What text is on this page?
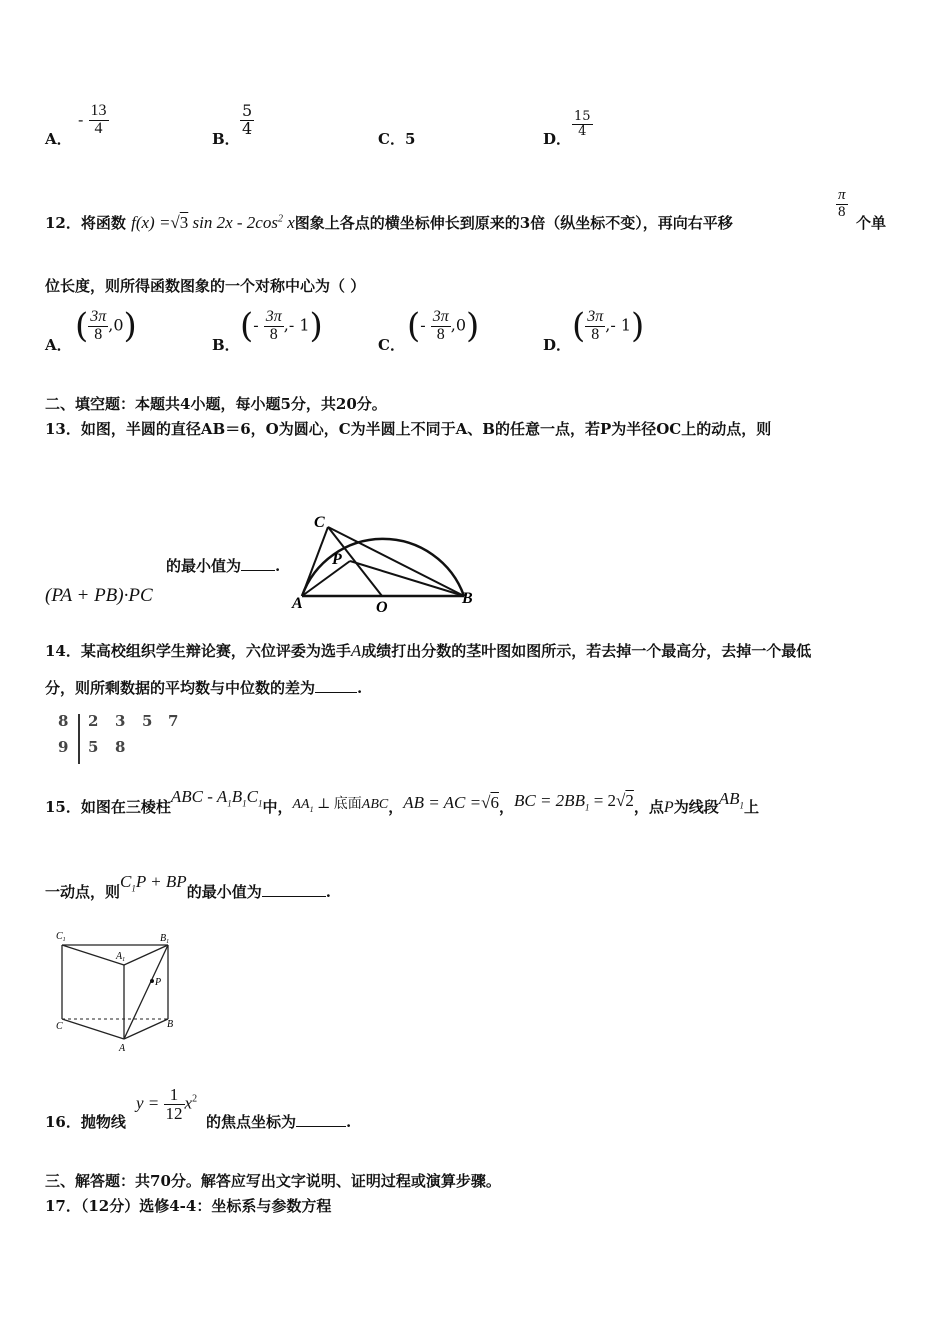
A．
- $\frac{13}{4}$
B．
$\frac{5}{4}$
C．5	D．
$\frac{15}{4}$
12．将函数 f(x) =√3 $\sin 2x - 2\cos^2$ x图象上各点的横坐标伸长到原来的3倍（纵坐标不变），再向右平移
$\frac{\pi}{8}$
个单
位长度，则所得函数图象的一个对称中心为（ ）
A． ( $\frac{3\pi}{8} ,0$)	B． (- $\frac{3\pi}{8}$ ,- 1)	C． (- $\frac{3\pi}{8} ,0$)	D． ( $\frac{3\pi}{8}$ ,- 1)
二、填空题：本题共4小题，每小题5分，共20分。
13．如图，半圆的直径AB＝6，O为圆心，C为半圆上不同于A、B的任意一点，若P为半径OC上的动点，则
的最小值为 .
(PA + PB)·PC
C
P
A	O
B
14．某高校组织学生辩论赛，六位评委为选手A成绩打出分数的茎叶图如图所示，若去掉一个最高分，去掉一个最低
分，则所剩数据的平均数与中位数的差为	.
8 2 3 5 7
9 5 8
15．如图在三棱柱ABC - $A_1B_1C_1$中，$AA_1$ ⊥ 底面ABC，AB = AC =√6，BC = $2BB_1 = 2√2$，点P为线段$AB_1$上
一动点，则$C_1P$ + BP的最小值为	.
$C_1$	$B_1$
$A_1$
P
C	B
A
16．抛物线
$y = \frac{1}{12} x^2$
的焦点坐标为	.
三、解答题：共70分。解答应写出文字说明、证明过程或演算步骤。
17．（12分）选修4-4：坐标系与参数方程
